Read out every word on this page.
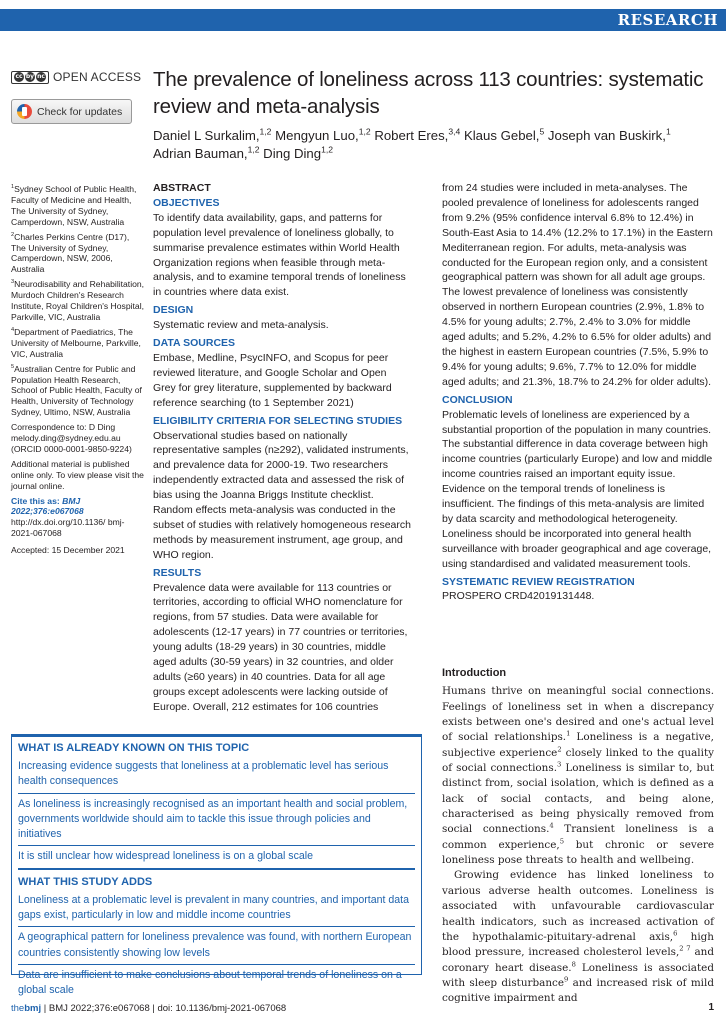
RESEARCH
cc by nc OPEN ACCESS
Check for updates
The prevalence of loneliness across 113 countries: systematic review and meta-analysis
Daniel L Surkalim,$^{1,2}$ Mengyun Luo,$^{1,2}$ Robert Eres,$^{3,4}$ Klaus Gebel,$^5$ Joseph van Buskirk,$^1$
Adrian Bauman,$^{1,2}$ Ding Ding$^{1,2}$

$^1$Sydney School of Public Health, Faculty of Medicine and Health, The University of Sydney, Camperdown, NSW, Australia

$^2$Charles Perkins Centre (D17), The University of Sydney, Camperdown, NSW, 2006, Australia

$^3$Neurodisability and Rehabilitation, Murdoch Children's Research Institute, Royal Children's Hospital, Parkville, VIC, Australia

$^4$Department of Paediatrics, The University of Melbourne, Parkville, VIC, Australia

$^5$Australian Centre for Public and Population Health Research, School of Public Health, Faculty of Health, University of Technology Sydney, Ultimo, NSW, Australia

Correspondence to: D Ding melody.ding@sydney.edu.au (ORCID 0000-0001-9850-9224)

Additional material is published online only. To view please visit the journal online.

Cite this as: BMJ 2022;376:e067068
http://dx.doi.org/10.1136/ bmj-2021-067068

Accepted: 15 December 2021

ABSTRACT
OBJECTIVES
To identify data availability, gaps, and patterns for population level prevalence of loneliness globally, to summarise prevalence estimates within World Health Organization regions when feasible through meta-analysis, and to examine temporal trends of loneliness in countries where data exist.
DESIGN
Systematic review and meta-analysis.
DATA SOURCES
Embase, Medline, PsycINFO, and Scopus for peer reviewed literature, and Google Scholar and Open Grey for grey literature, supplemented by backward reference searching (to 1 September 2021)
ELIGIBILITY CRITERIA FOR SELECTING STUDIES
Observational studies based on nationally representative samples (n≥292), validated instruments, and prevalence data for 2000-19. Two researchers independently extracted data and assessed the risk of bias using the Joanna Briggs Institute checklist. Random effects meta-analysis was conducted in the subset of studies with relatively homogeneous research methods by measurement instrument, age group, and WHO region.
RESULTS
Prevalence data were available for 113 countries or territories, according to official WHO nomenclature for regions, from 57 studies. Data were available for adolescents (12-17 years) in 77 countries or territories, young adults (18-29 years) in 30 countries, middle aged adults (30-59 years) in 32 countries, and older adults (≥60 years) in 40 countries. Data for all age groups except adolescents were lacking outside of Europe. Overall, 212 estimates for 106 countries
from 24 studies were included in meta-analyses. The pooled prevalence of loneliness for adolescents ranged from 9.2% (95% confidence interval 6.8% to 12.4%) in South-East Asia to 14.4% (12.2% to 17.1%) in the Eastern Mediterranean region. For adults, meta-analysis was conducted for the European region only, and a consistent geographical pattern was shown for all adult age groups. The lowest prevalence of loneliness was consistently observed in northern European countries (2.9%, 1.8% to 4.5% for young adults; 2.7%, 2.4% to 3.0% for middle aged adults; and 5.2%, 4.2% to 6.5% for older adults) and the highest in eastern European countries (7.5%, 5.9% to 9.4% for young adults; 9.6%, 7.7% to 12.0% for middle aged adults; and 21.3%, 18.7% to 24.2% for older adults).
CONCLUSION
Problematic levels of loneliness are experienced by a substantial proportion of the population in many countries. The substantial difference in data coverage between high income countries (particularly Europe) and low and middle income countries raised an important equity issue. Evidence on the temporal trends of loneliness is insufficient. The findings of this meta-analysis are limited by data scarcity and methodological heterogeneity. Loneliness should be incorporated into general health surveillance with broader geographical and age coverage, using standardised and validated measurement tools.
SYSTEMATIC REVIEW REGISTRATION
PROSPERO CRD42019131448.
WHAT IS ALREADY KNOWN ON THIS TOPIC
Increasing evidence suggests that loneliness at a problematic level has serious health consequences
As loneliness is increasingly recognised as an important health and social problem, governments worldwide should aim to tackle this issue through policies and initiatives
It is still unclear how widespread loneliness is on a global scale
WHAT THIS STUDY ADDS
Loneliness at a problematic level is prevalent in many countries, and important data gaps exist, particularly in low and middle income countries
A geographical pattern for loneliness prevalence was found, with northern European countries consistently showing low levels
Data are insufficient to make conclusions about temporal trends of loneliness on a global scale
Introduction

Humans thrive on meaningful social connections. Feelings of loneliness set in when a discrepancy exists between one's desired and one's actual level of social relationships.$^1$ Loneliness is a negative, subjective experience$^2$ closely linked to the quality of social connections.$^3$ Loneliness is similar to, but distinct from, social isolation, which is defined as a lack of social contacts, and being alone, characterised as being physically removed from social connections.$^4$ Transient loneliness is a common experience,$^5$ but chronic or severe loneliness pose threats to health and wellbeing.

Growing evidence has linked loneliness to various adverse health outcomes. Loneliness is associated with unfavourable cardiovascular health indicators, such as increased activation of the hypothalamic-pituitary-adrenal axis,$^6$ high blood pressure, increased cholesterol levels,$^{2 7}$ and coronary heart disease.$^8$ Loneliness is associated with sleep disturbance$^9$ and increased risk of mild cognitive impairment and

thebmj | BMJ 2022;376:e067068 | doi: 10.1136/bmj-2021-067068	1
